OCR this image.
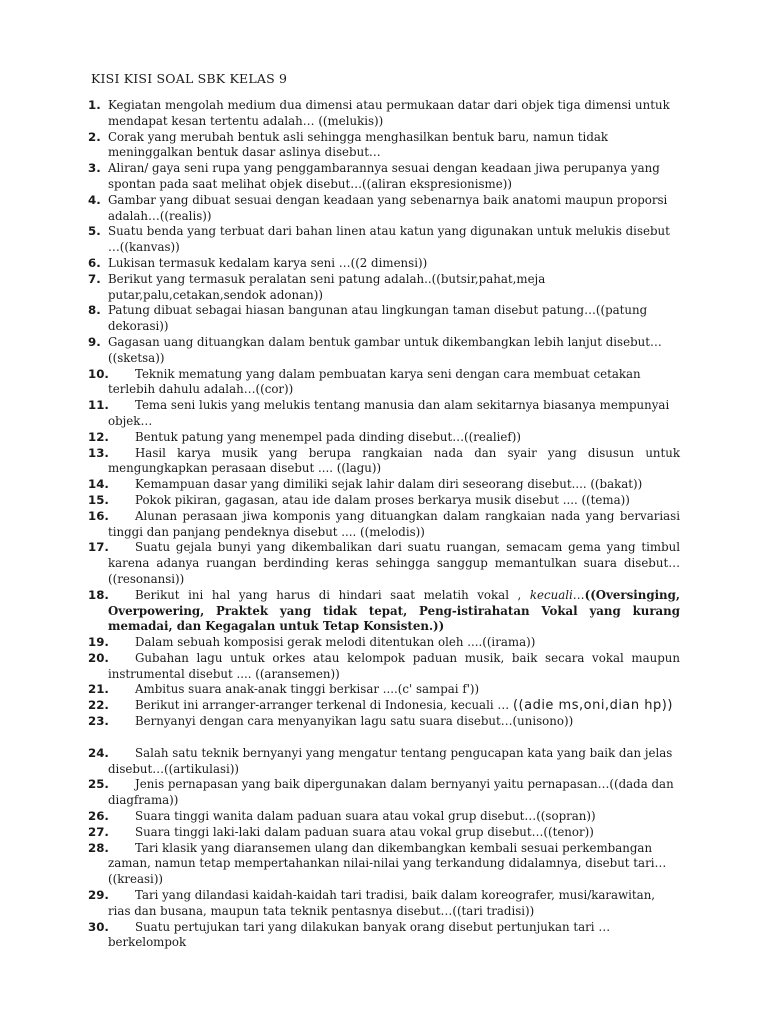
KISI KISI SOAL SBK KELAS 9
1. Kegiatan mengolah medium dua dimensi atau permukaan datar dari objek tiga dimensi untuk mendapat kesan tertentu adalah… ((melukis))
2. Corak yang merubah bentuk asli sehingga menghasilkan bentuk baru, namun tidak meninggalkan bentuk dasar aslinya disebut…
3. Aliran/ gaya seni rupa yang penggambarannya sesuai dengan keadaan jiwa perupanya yang spontan pada saat melihat objek disebut…((aliran ekspresionisme))
4. Gambar yang dibuat sesuai dengan keadaan yang sebenarnya baik anatomi maupun proporsi adalah…((realis))
5. Suatu benda yang terbuat dari bahan linen atau katun yang digunakan untuk melukis disebut …((kanvas))
6. Lukisan termasuk kedalam karya seni …((2 dimensi))
7. Berikut yang termasuk peralatan seni patung adalah..((butsir,pahat,meja putar,palu,cetakan,sendok adonan))
8. Patung dibuat sebagai hiasan bangunan atau lingkungan taman disebut patung…((patung dekorasi))
9. Gagasan uang dituangkan dalam bentuk gambar untuk dikembangkan lebih lanjut disebut…((sketsa))
10.	Teknik mematung yang dalam pembuatan karya seni dengan cara membuat cetakan terlebih dahulu adalah…((cor))
11.	Tema seni lukis yang melukis tentang manusia dan alam sekitarnya biasanya mempunyai objek…
12.	Bentuk patung yang menempel pada dinding disebut…((realief))
13.	Hasil karya musik yang berupa rangkaian nada dan syair yang disusun untuk mengungkapkan perasaan disebut .... ((lagu))
14.	Kemampuan dasar yang dimiliki sejak lahir dalam diri seseorang disebut.... ((bakat))
15.	Pokok pikiran, gagasan, atau ide dalam proses berkarya musik disebut .... ((tema))
16.	Alunan perasaan jiwa komponis yang dituangkan dalam rangkaian nada yang bervariasi tinggi dan panjang pendeknya disebut .... ((melodis))
17.	Suatu gejala bunyi yang dikembalikan dari suatu ruangan, semacam gema yang timbul karena adanya ruangan berdinding keras sehingga sanggup memantulkan suara disebut…((resonansi))
18.	Berikut ini hal yang harus di hindari saat melatih vokal , kecuali…((Oversinging, Overpowering, Praktek yang tidak tepat, Peng-istirahatan Vokal yang kurang memadai, dan Kegagalan untuk Tetap Konsisten.))
19.	Dalam sebuah komposisi gerak melodi ditentukan oleh ....((irama))
20.	Gubahan lagu untuk orkes atau kelompok paduan musik, baik secara vokal maupun instrumental disebut .... ((aransemen))
21.	Ambitus suara anak-anak tinggi berkisar ....(c' sampai f'))
22.	Berikut ini arranger-arranger terkenal di Indonesia, kecuali … ((adie ms,oni,dian hp))
23.	Bernyanyi dengan cara menyanyikan lagu satu suara disebut…(unisono))
24.	Salah satu teknik bernyanyi yang mengatur tentang pengucapan kata yang baik dan jelas disebut…((artikulasi))
25.	Jenis pernapasan yang baik dipergunakan dalam bernyanyi yaitu pernapasan…((dada dan diagframa))
26.	Suara tinggi wanita dalam paduan suara atau vokal grup disebut…((sopran))
27.	Suara tinggi laki-laki dalam paduan suara atau vokal grup disebut…((tenor))
28.	Tari klasik yang diaransemen ulang dan dikembangkan kembali sesuai perkembangan zaman, namun tetap mempertahankan nilai-nilai yang terkandung didalamnya, disebut tari…((kreasi))
29.	Tari yang dilandasi kaidah-kaidah tari tradisi, baik dalam koreografer, musi/karawitan, rias dan busana, maupun tata teknik pentasnya disebut…((tari tradisi))
30.	Suatu pertujukan tari yang dilakukan banyak orang disebut pertunjukan tari … berkelompok
